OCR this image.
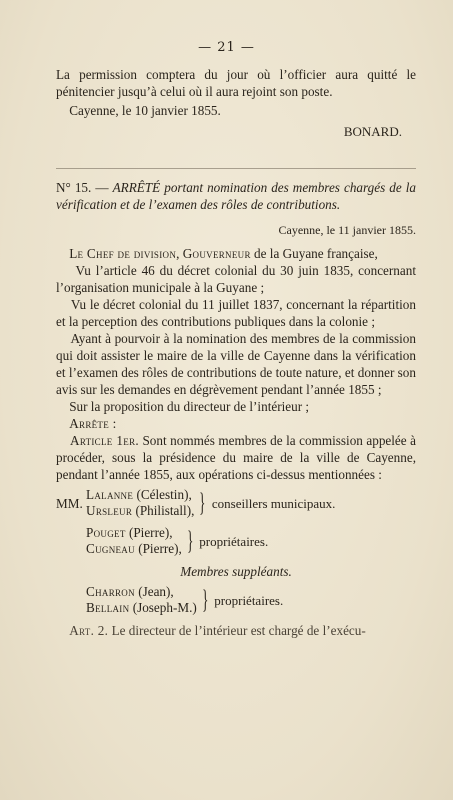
— 21 —

La permission comptera du jour où l’officier aura quitté le pénitencier jusqu’à celui où il aura rejoint son poste.

Cayenne, le 10 janvier 1855.

BONARD.

N° 15. — ARRÊTÉ portant nomination des membres chargés de la vérification et de l’examen des rôles de contributions.

Cayenne, le 11 janvier 1855.

Le Chef de division, Gouverneur de la Guyane française,

Vu l’article 46 du décret colonial du 30 juin 1835, concernant l’organisation municipale à la Guyane ;

Vu le décret colonial du 11 juillet 1837, concernant la répartition et la perception des contributions publiques dans la colonie ;

Ayant à pourvoir à la nomination des membres de la commission qui doit assister le maire de la ville de Cayenne dans la vérification et l’examen des rôles de contributions de toute nature, et donner son avis sur les demandes en dégrèvement pendant l’année 1855 ;

Sur la proposition du directeur de l’intérieur ;

Arrête :

Article 1er. Sont nommés membres de la commission appelée à procéder, sous la présidence du maire de la ville de Cayenne, pendant l’année 1855, aux opérations ci-dessus mentionnées :

MM.
Lalanne (Célestin),
Ursleur (Philistall), } conseillers municipaux.
Pouget (Pierre),
Cugneau (Pierre), } propriétaires.

Membres suppléants.

Charron (Jean),
Bellain (Joseph-M.) } propriétaires.

Art. 2. Le directeur de l’intérieur est chargé de l’exécu-
